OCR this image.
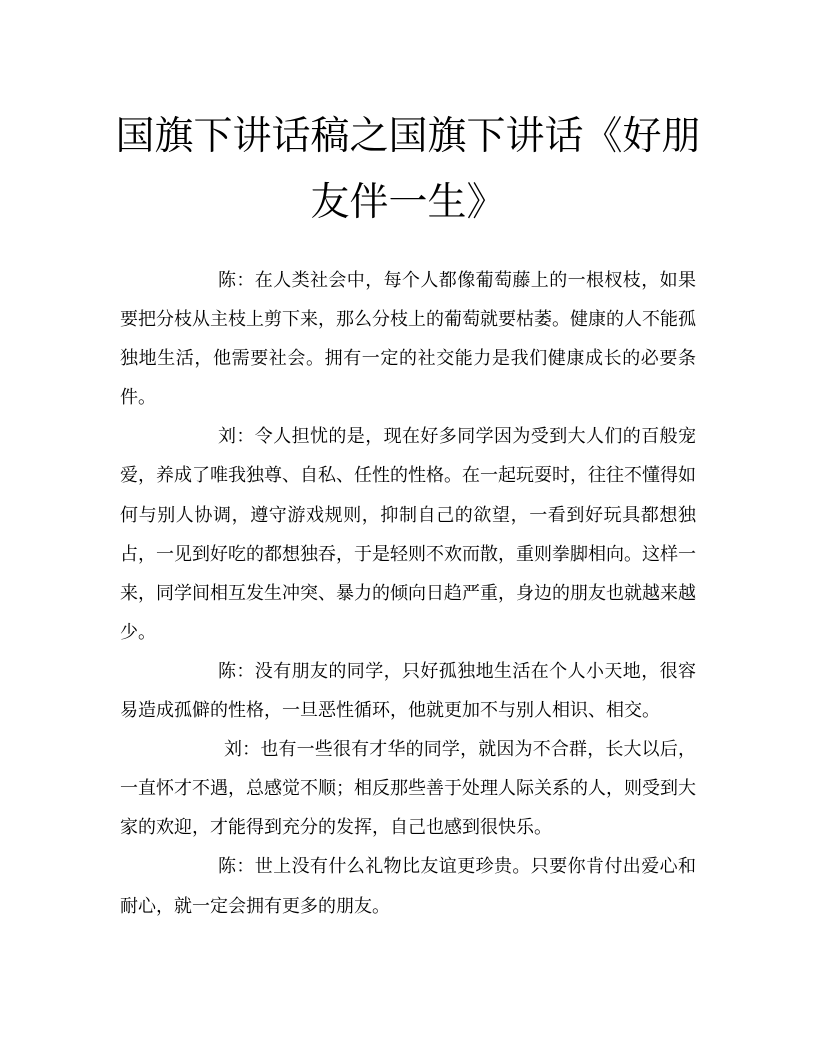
国旗下讲话稿之国旗下讲话《好朋友伴一生》

陈：在人类社会中，每个人都像葡萄藤上的一根杈枝，如果要把分枝从主枝上剪下来，那么分枝上的葡萄就要枯萎。健康的人不能孤独地生活，他需要社会。拥有一定的社交能力是我们健康成长的必要条件。

刘：令人担忧的是，现在好多同学因为受到大人们的百般宠爱，养成了唯我独尊、自私、任性的性格。在一起玩耍时，往往不懂得如何与别人协调，遵守游戏规则，抑制自己的欲望，一看到好玩具都想独占，一见到好吃的都想独吞，于是轻则不欢而散，重则拳脚相向。这样一来，同学间相互发生冲突、暴力的倾向日趋严重，身边的朋友也就越来越少。

陈：没有朋友的同学，只好孤独地生活在个人小天地，很容易造成孤僻的性格，一旦恶性循环，他就更加不与别人相识、相交。

刘：也有一些很有才华的同学，就因为不合群，长大以后，一直怀才不遇，总感觉不顺；相反那些善于处理人际关系的人，则受到大家的欢迎，才能得到充分的发挥，自己也感到很快乐。

陈：世上没有什么礼物比友谊更珍贵。只要你肯付出爱心和耐心，就一定会拥有更多的朋友。
